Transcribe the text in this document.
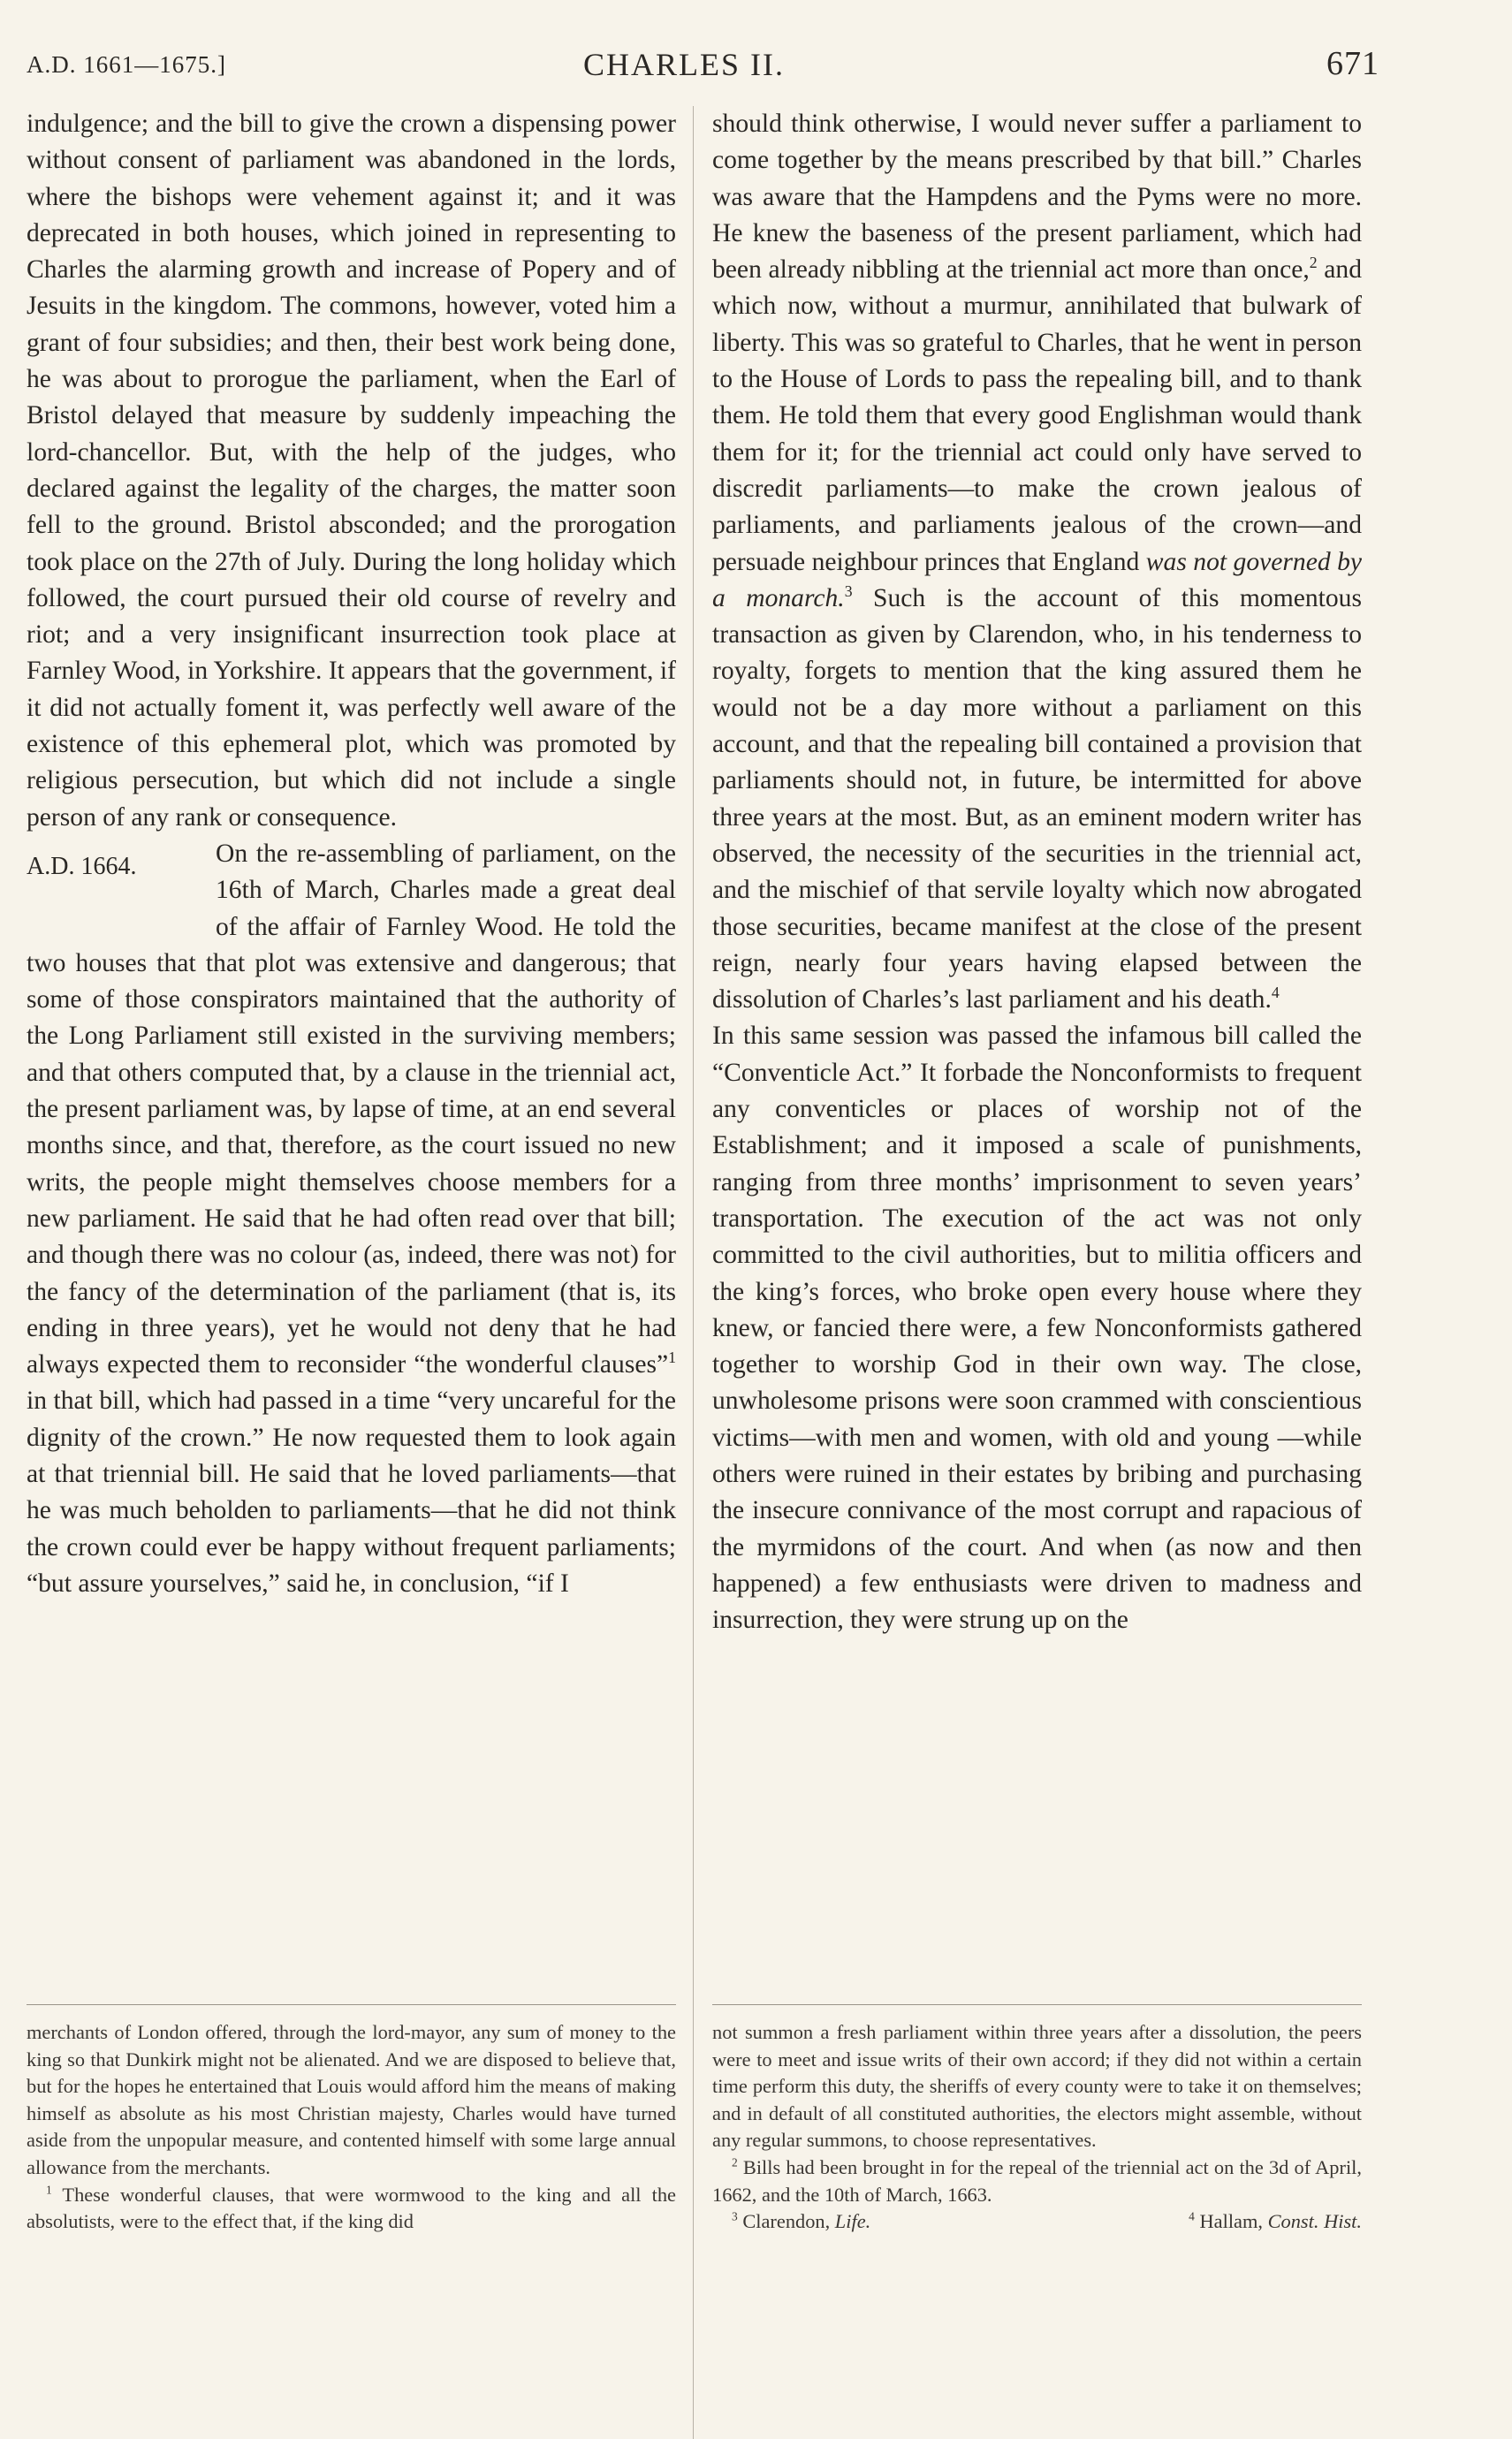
A.D. 1661—1675.]	CHARLES II.	671

indulgence; and the bill to give the crown a dispensing power without consent of parliament was abandoned in the lords, where the bishops were vehement against it; and it was deprecated in both houses, which joined in representing to Charles the alarming growth and increase of Popery and of Jesuits in the kingdom. The commons, however, voted him a grant of four subsidies; and then, their best work being done, he was about to prorogue the parliament, when the Earl of Bristol delayed that measure by suddenly impeaching the lord-chancellor. But, with the help of the judges, who declared against the legality of the charges, the matter soon fell to the ground. Bristol absconded; and the prorogation took place on the 27th of July. During the long holiday which followed, the court pursued their old course of revelry and riot; and a very insignificant insurrection took place at Farnley Wood, in Yorkshire. It appears that the government, if it did not actually foment it, was perfectly well aware of the existence of this ephemeral plot, which was promoted by religious persecution, but which did not include a single person of any rank or consequence.

A.D. 1664.	On the re-assembling of parliament, on the 16th of March, Charles made a great deal of the affair of Farnley Wood. He told the two houses that that plot was extensive and dangerous; that some of those conspirators maintained that the authority of the Long Parliament still existed in the surviving members; and that others computed that, by a clause in the triennial act, the present parliament was, by lapse of time, at an end several months since, and that, therefore, as the court issued no new writs, the people might themselves choose members for a new parliament. He said that he had often read over that bill; and though there was no colour (as, indeed, there was not) for the fancy of the determination of the parliament (that is, its ending in three years), yet he would not deny that he had always expected them to reconsider “the wonderful clauses”$^1$ in that bill, which had passed in a time “very uncareful for the dignity of the crown.” He now requested them to look again at that triennial bill. He said that he loved parliaments—that he was much beholden to parliaments—that he did not think the crown could ever be happy without frequent parliaments; “but assure yourselves,” said he, in conclusion, “if I

should think otherwise, I would never suffer a parliament to come together by the means prescribed by that bill.” Charles was aware that the Hampdens and the Pyms were no more. He knew the baseness of the present parliament, which had been already nibbling at the triennial act more than once,$^2$ and which now, without a murmur, annihilated that bulwark of liberty. This was so grateful to Charles, that he went in person to the House of Lords to pass the repealing bill, and to thank them. He told them that every good Englishman would thank them for it; for the triennial act could only have served to discredit parliaments—to make the crown jealous of parliaments, and parliaments jealous of the crown—and persuade neighbour princes that England was not governed by a monarch.$^3$ Such is the account of this momentous transaction as given by Clarendon, who, in his tenderness to royalty, forgets to mention that the king assured them he would not be a day more without a parliament on this account, and that the repealing bill contained a provision that parliaments should not, in future, be intermitted for above three years at the most. But, as an eminent modern writer has observed, the necessity of the securities in the triennial act, and the mischief of that servile loyalty which now abrogated those securities, became manifest at the close of the present reign, nearly four years having elapsed between the dissolution of Charles’s last parliament and his death.$^4$

In this same session was passed the infamous bill called the “Conventicle Act.” It forbade the Nonconformists to frequent any conventicles or places of worship not of the Establishment; and it imposed a scale of punishments, ranging from three months’ imprisonment to seven years’ transportation. The execution of the act was not only committed to the civil authorities, but to militia officers and the king’s forces, who broke open every house where they knew, or fancied there were, a few Nonconformists gathered together to worship God in their own way. The close, unwholesome prisons were soon crammed with conscientious victims—with men and women, with old and young —while others were ruined in their estates by bribing and purchasing the insecure connivance of the most corrupt and rapacious of the myrmidons of the court. And when (as now and then happened) a few enthusiasts were driven to madness and insurrection, they were strung up on the

merchants of London offered, through the lord-mayor, any sum of money to the king so that Dunkirk might not be alienated. And we are disposed to believe that, but for the hopes he entertained that Louis would afford him the means of making himself as absolute as his most Christian majesty, Charles would have turned aside from the unpopular measure, and contented himself with some large annual allowance from the merchants.

$^1$ These wonderful clauses, that were wormwood to the king and all the absolutists, were to the effect that, if the king did

not summon a fresh parliament within three years after a dissolution, the peers were to meet and issue writs of their own accord; if they did not within a certain time perform this duty, the sheriffs of every county were to take it on themselves; and in default of all constituted authorities, the electors might assemble, without any regular summons, to choose representatives.

$^2$ Bills had been brought in for the repeal of the triennial act on the 3d of April, 1662, and the 10th of March, 1663.

$^3$ Clarendon, Life.	$^4$ Hallam, Const. Hist.
